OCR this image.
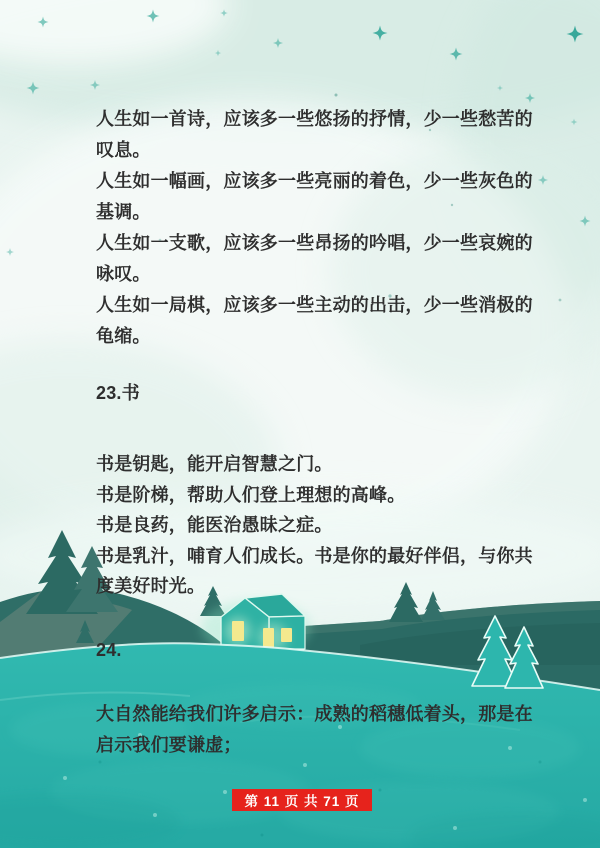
人生如一首诗，应该多一些悠扬的抒情，少一些愁苦的叹息。

人生如一幅画，应该多一些亮丽的着色，少一些灰色的基调。

人生如一支歌，应该多一些昂扬的吟唱，少一些哀婉的咏叹。

人生如一局棋，应该多一些主动的出击，少一些消极的龟缩。

23.书

书是钥匙，能开启智慧之门。

书是阶梯，帮助人们登上理想的高峰。

书是良药，能医治愚昧之症。

书是乳汁，哺育人们成长。书是你的最好伴侣，与你共度美好时光。

24.

大自然能给我们许多启示：成熟的稻穗低着头，那是在启示我们要谦虚；

第 11 页 共 71 页
